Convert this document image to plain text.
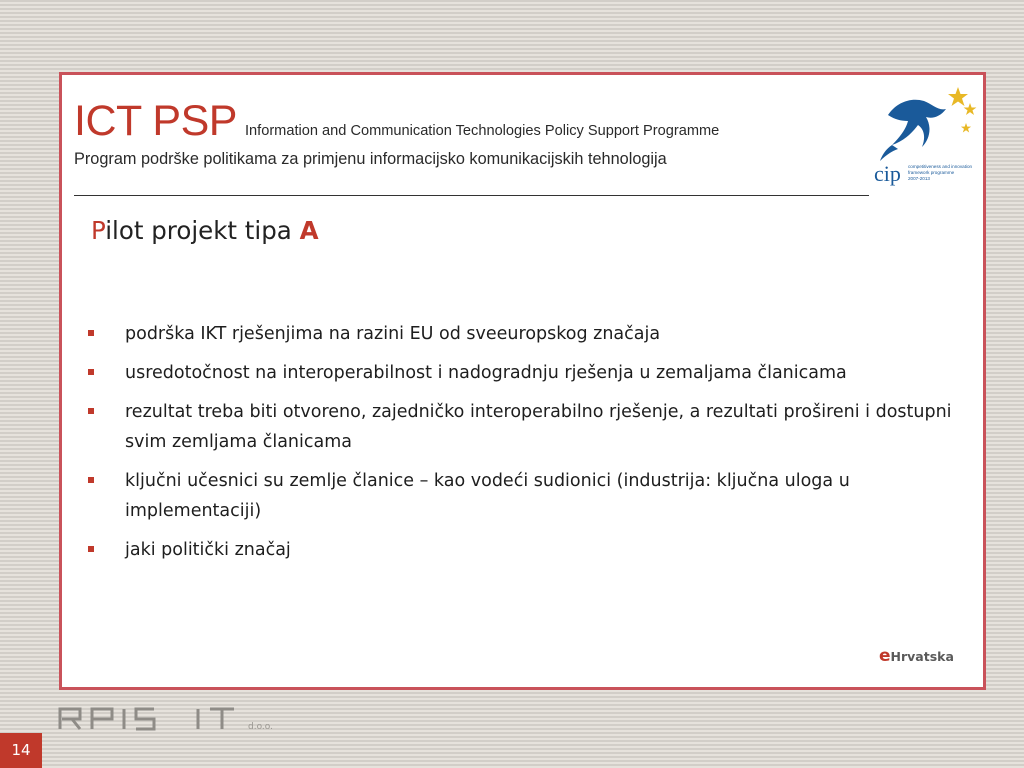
ICT PSP Information and Communication Technologies Policy Support Programme
Program podrške politikama za primjenu informacijsko komunikacijskih tehnologija
cip competitiveness and innovation
framework programme
2007-2013
Pilot projekt tipa A
podrška IKT rješenjima na razini EU od sveeuropskog značaja
usredotočnost na interoperabilnost i nadogradnju rješenja u zemaljama članicama
rezultat treba biti otvoreno, zajedničko interoperabilno rješenje, a rezultati prošireni i dostupni svim zemljama članicama
ključni učesnici su zemlje članice – kao vodeći sudionici (industrija: ključna uloga u implementaciji)
jaki politički značaj
eHrvatska
d.o.o.
14
